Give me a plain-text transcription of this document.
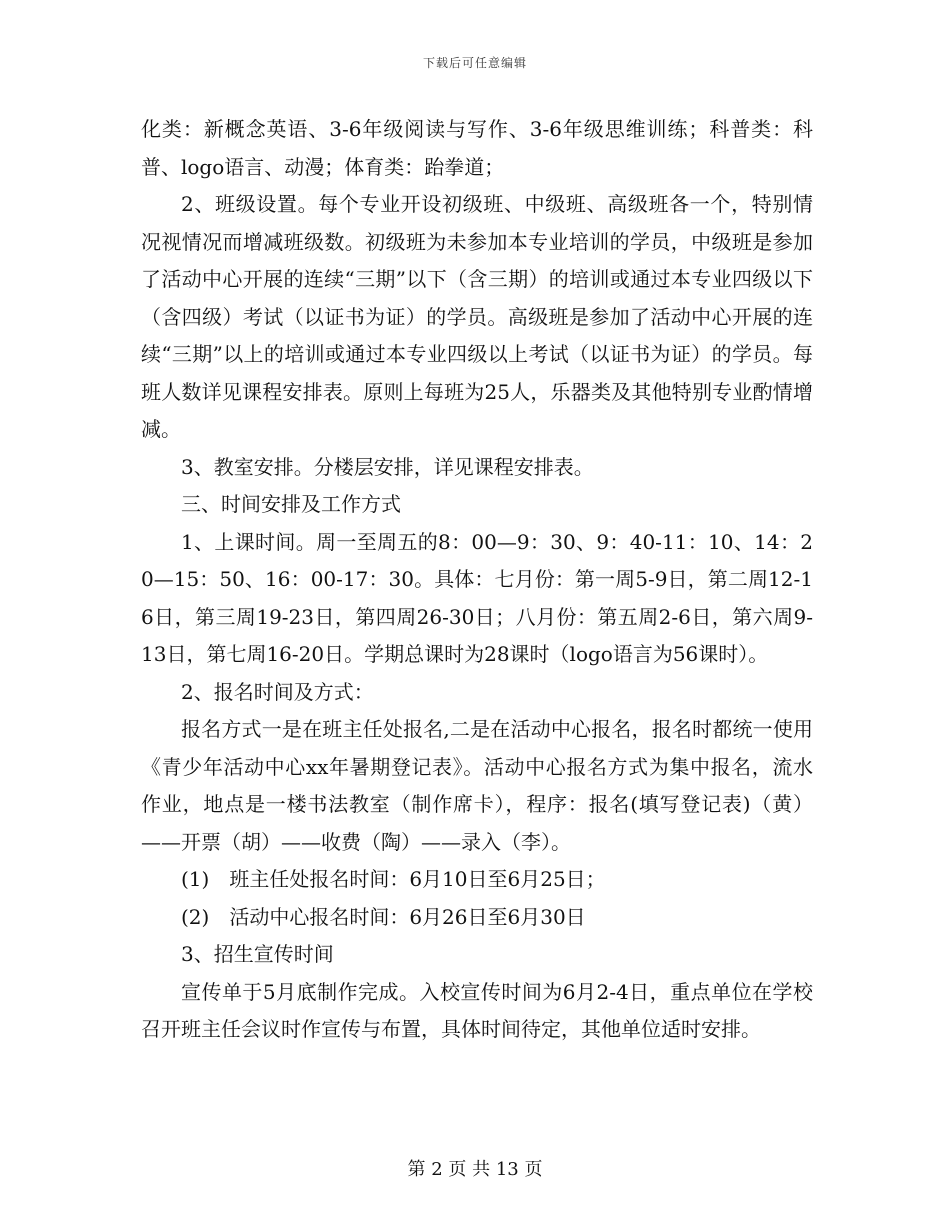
下载后可任意编辑

化类：新概念英语、3-6年级阅读与写作、3-6年级思维训练；科普类：科普、logo语言、动漫；体育类：跆拳道；

2、班级设置。每个专业开设初级班、中级班、高级班各一个，特别情况视情况而增减班级数。初级班为未参加本专业培训的学员，中级班是参加了活动中心开展的连续“三期”以下（含三期）的培训或通过本专业四级以下（含四级）考试（以证书为证）的学员。高级班是参加了活动中心开展的连续“三期”以上的培训或通过本专业四级以上考试（以证书为证）的学员。每班人数详见课程安排表。原则上每班为25人，乐器类及其他特别专业酌情增减。

3、教室安排。分楼层安排，详见课程安排表。

三、时间安排及工作方式

1、上课时间。周一至周五的8：00—9：30、9：40-11：10、14：20—15：50、16：00-17：30。具体：七月份：第一周5-9日，第二周12-16日，第三周19-23日，第四周26-30日；八月份：第五周2-6日，第六周9-13日，第七周16-20日。学期总课时为28课时（logo语言为56课时）。

2、报名时间及方式：

报名方式一是在班主任处报名,二是在活动中心报名，报名时都统一使用《青少年活动中心xx年暑期登记表》。活动中心报名方式为集中报名，流水作业，地点是一楼书法教室（制作席卡），程序：报名(填写登记表)（黄）——开票（胡）——收费（陶）——录入（李）。

(1)　班主任处报名时间：6月10日至6月25日；

(2)　活动中心报名时间：6月26日至6月30日

3、招生宣传时间

宣传单于5月底制作完成。入校宣传时间为6月2-4日，重点单位在学校召开班主任会议时作宣传与布置，具体时间待定，其他单位适时安排。

第 2 页 共 13 页
